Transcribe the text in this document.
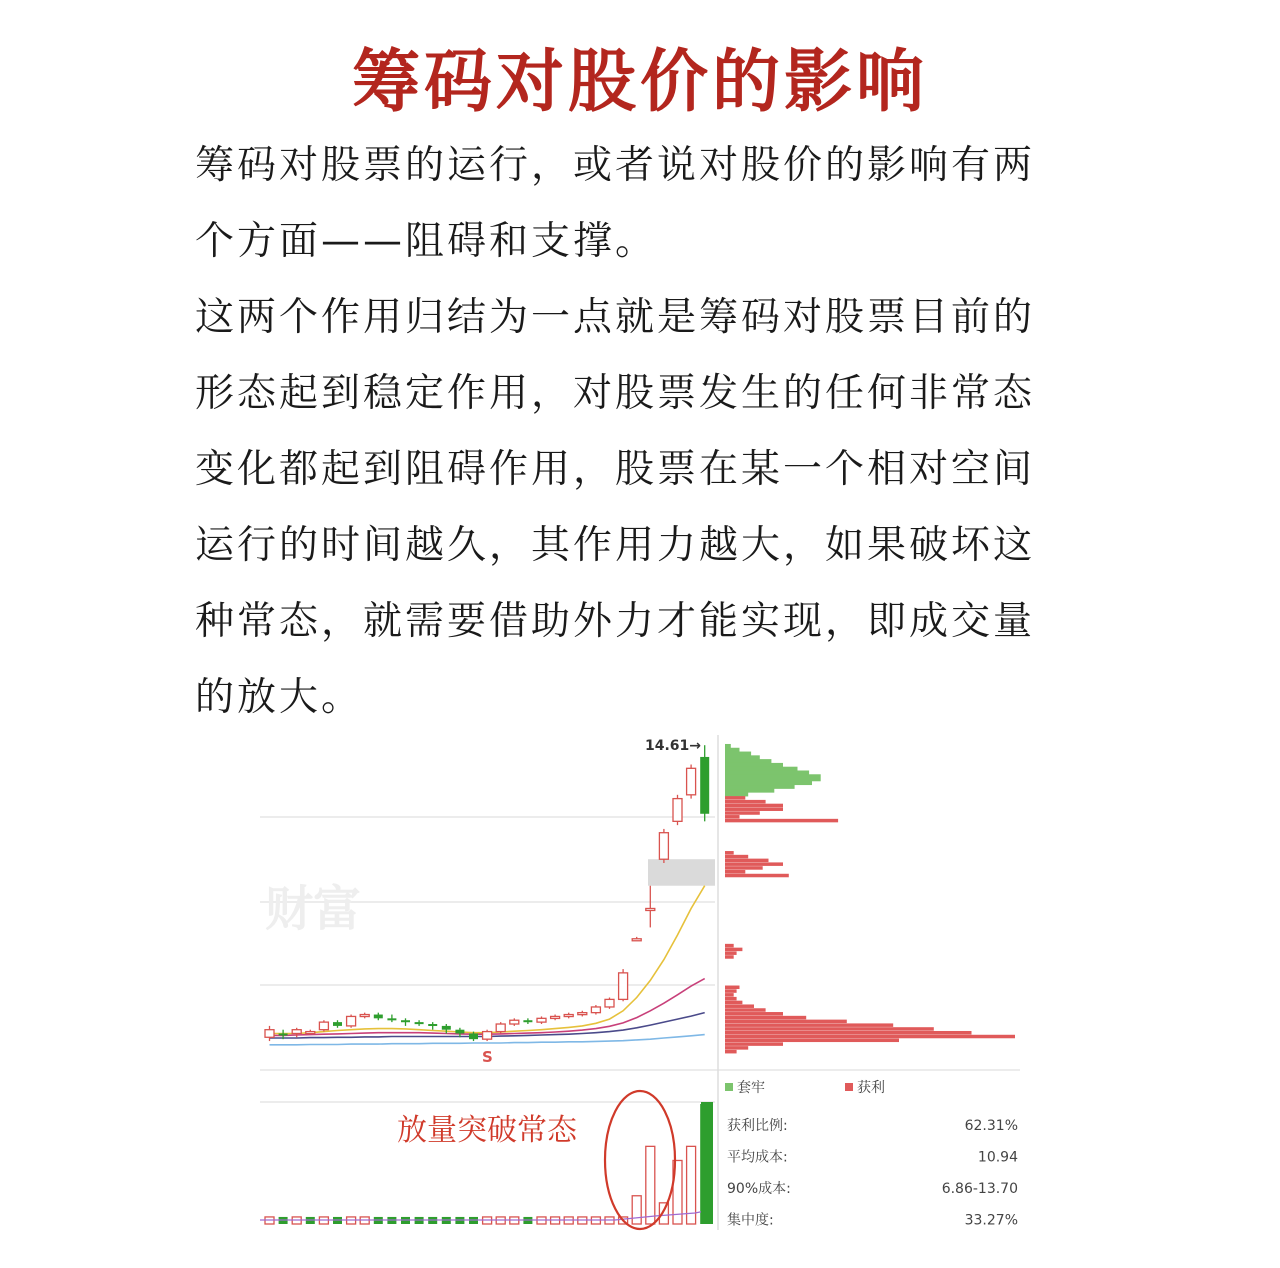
筹码对股价的影响
筹码对股票的运行，或者说对股价的影响有两
个方面——阻碍和支撑。
这两个作用归结为一点就是筹码对股票目前的
形态起到稳定作用，对股票发生的任何非常态
变化都起到阻碍作用，股票在某一个相对空间
运行的时间越久，其作用力越大，如果破坏这
种常态，就需要借助外力才能实现，即成交量
的放大。
财富
14.61→
S
放量突破常态
套牢	获利
获利比例:	62.31%
平均成本:	10.94
90%成本:	6.86-13.70
集中度:	33.27%
